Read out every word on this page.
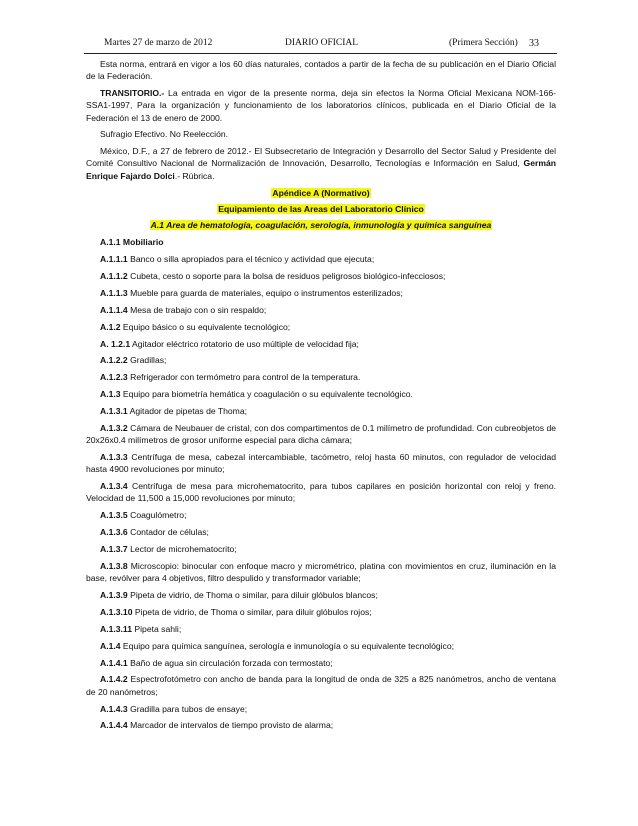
Martes 27 de marzo de 2012	DIARIO OFICIAL	(Primera Sección) 33

Esta norma, entrará en vigor a los 60 días naturales, contados a partir de la fecha de su publicación en el Diario Oficial de la Federación.

TRANSITORIO.- La entrada en vigor de la presente norma, deja sin efectos la Norma Oficial Mexicana NOM-166-SSA1-1997, Para la organización y funcionamiento de los laboratorios clínicos, publicada en el Diario Oficial de la Federación el 13 de enero de 2000.

Sufragio Efectivo. No Reelección.

México, D.F., a 27 de febrero de 2012.- El Subsecretario de Integración y Desarrollo del Sector Salud y Presidente del Comité Consultivo Nacional de Normalización de Innovación, Desarrollo, Tecnologías e Información en Salud, Germán Enrique Fajardo Dolci.- Rúbrica.

Apéndice A (Normativo)
Equipamiento de las Areas del Laboratorio Clínico
A.1 Area de hematología, coagulación, serología, inmunología y química sanguínea

A.1.1 Mobiliario

A.1.1.1 Banco o silla apropiados para el técnico y actividad que ejecuta;

A.1.1.2 Cubeta, cesto o soporte para la bolsa de residuos peligrosos biológico-infecciosos;

A.1.1.3 Mueble para guarda de materiales, equipo o instrumentos esterilizados;

A.1.1.4 Mesa de trabajo con o sin respaldo;

A.1.2 Equipo básico o su equivalente tecnológico;

A. 1.2.1 Agitador eléctrico rotatorio de uso múltiple de velocidad fija;

A.1.2.2 Gradillas;

A.1.2.3 Refrigerador con termómetro para control de la temperatura.

A.1.3 Equipo para biometría hemática y coagulación o su equivalente tecnológico.

A.1.3.1 Agitador de pipetas de Thoma;

A.1.3.2 Cámara de Neubauer de cristal, con dos compartimentos de 0.1 milímetro de profundidad. Con cubreobjetos de 20x26x0.4 milímetros de grosor uniforme especial para dicha cámara;

A.1.3.3 Centrífuga de mesa, cabezal intercambiable, tacómetro, reloj hasta 60 minutos, con regulador de velocidad hasta 4900 revoluciones por minuto;

A.1.3.4 Centrífuga de mesa para microhematocrito, para tubos capilares en posición horizontal con reloj y freno. Velocidad de 11,500 a 15,000 revoluciones por minuto;

A.1.3.5 Coagulómetro;

A.1.3.6 Contador de células;

A.1.3.7 Lector de microhematocrito;

A.1.3.8 Microscopio: binocular con enfoque macro y micrométrico, platina con movimientos en cruz, iluminación en la base, revólver para 4 objetivos, filtro despulido y transformador variable;

A.1.3.9 Pipeta de vidrio, de Thoma o similar, para diluir glóbulos blancos;

A.1.3.10 Pipeta de vidrio, de Thoma o similar, para diluir glóbulos rojos;

A.1.3.11 Pipeta sahli;

A.1.4 Equipo para química sanguínea, serología e inmunología o su equivalente tecnológico;

A.1.4.1 Baño de agua sin circulación forzada con termostato;

A.1.4.2 Espectrofotómetro con ancho de banda para la longitud de onda de 325 a 825 nanómetros, ancho de ventana de 20 nanómetros;

A.1.4.3 Gradilla para tubos de ensaye;

A.1.4.4 Marcador de intervalos de tiempo provisto de alarma;
